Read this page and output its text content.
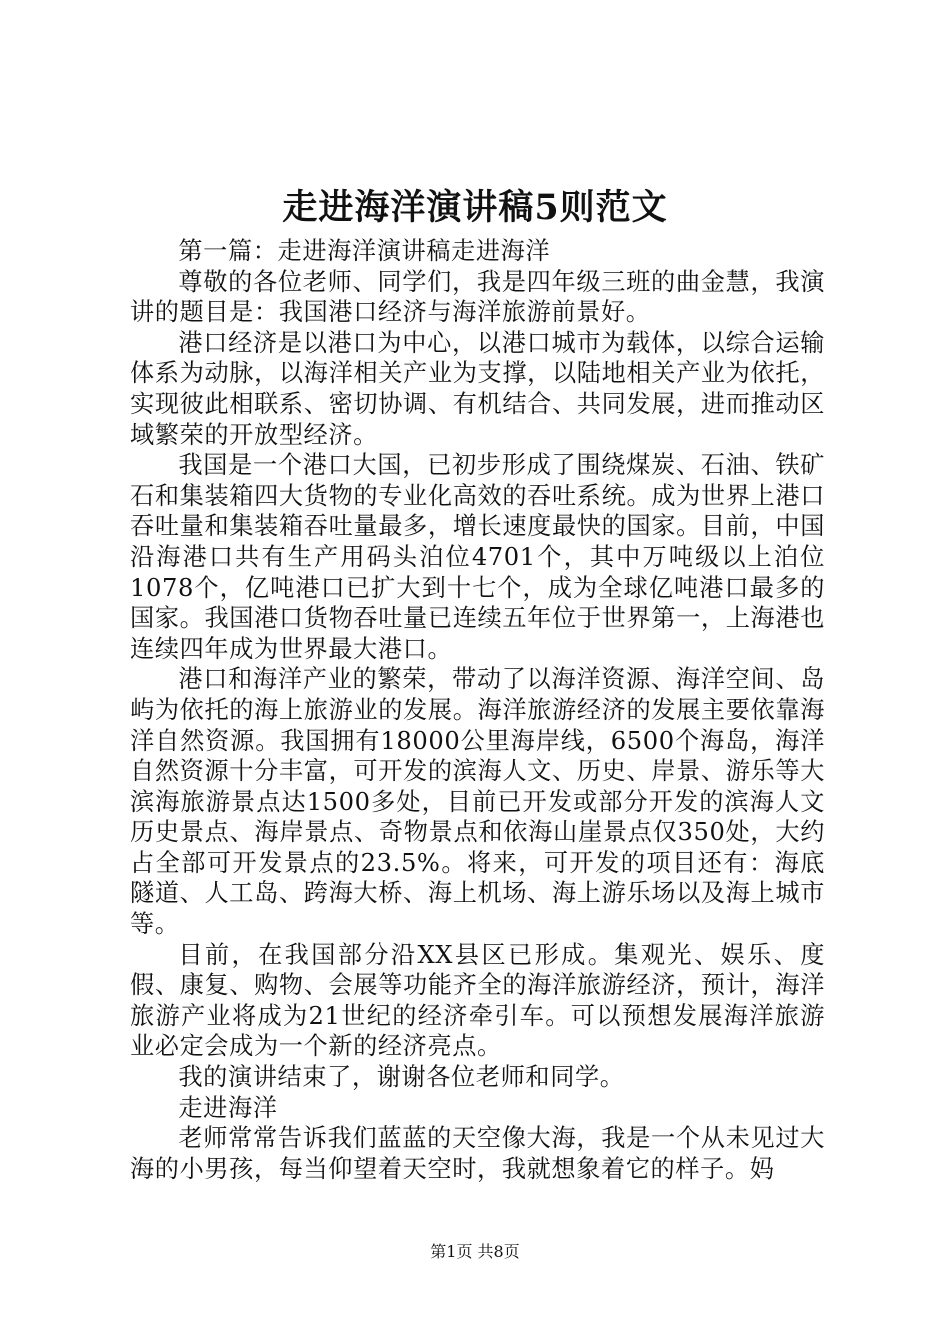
走进海洋演讲稿5则范文

第一篇：走进海洋演讲稿走进海洋

尊敬的各位老师、同学们，我是四年级三班的曲金慧，我演讲的题目是：我国港口经济与海洋旅游前景好。

港口经济是以港口为中心，以港口城市为载体，以综合运输体系为动脉，以海洋相关产业为支撑，以陆地相关产业为依托，实现彼此相联系、密切协调、有机结合、共同发展，进而推动区域繁荣的开放型经济。

我国是一个港口大国，已初步形成了围绕煤炭、石油、铁矿石和集装箱四大货物的专业化高效的吞吐系统。成为世界上港口吞吐量和集装箱吞吐量最多，增长速度最快的国家。目前，中国沿海港口共有生产用码头泊位4701个，其中万吨级以上泊位1078个，亿吨港口已扩大到十七个，成为全球亿吨港口最多的国家。我国港口货物吞吐量已连续五年位于世界第一，上海港也连续四年成为世界最大港口。

港口和海洋产业的繁荣，带动了以海洋资源、海洋空间、岛屿为依托的海上旅游业的发展。海洋旅游经济的发展主要依靠海洋自然资源。我国拥有18000公里海岸线，6500个海岛，海洋自然资源十分丰富，可开发的滨海人文、历史、岸景、游乐等大滨海旅游景点达1500多处，目前已开发或部分开发的滨海人文历史景点、海岸景点、奇物景点和依海山崖景点仅350处，大约占全部可开发景点的23.5%。将来，可开发的项目还有：海底隧道、人工岛、跨海大桥、海上机场、海上游乐场以及海上城市等。

目前，在我国部分沿XX县区已形成。集观光、娱乐、度假、康复、购物、会展等功能齐全的海洋旅游经济，预计，海洋旅游产业将成为21世纪的经济牵引车。可以预想发展海洋旅游业必定会成为一个新的经济亮点。

我的演讲结束了，谢谢各位老师和同学。

走进海洋

老师常常告诉我们蓝蓝的天空像大海，我是一个从未见过大海的小男孩，每当仰望着天空时，我就想象着它的样子。妈

第1页 共8页
